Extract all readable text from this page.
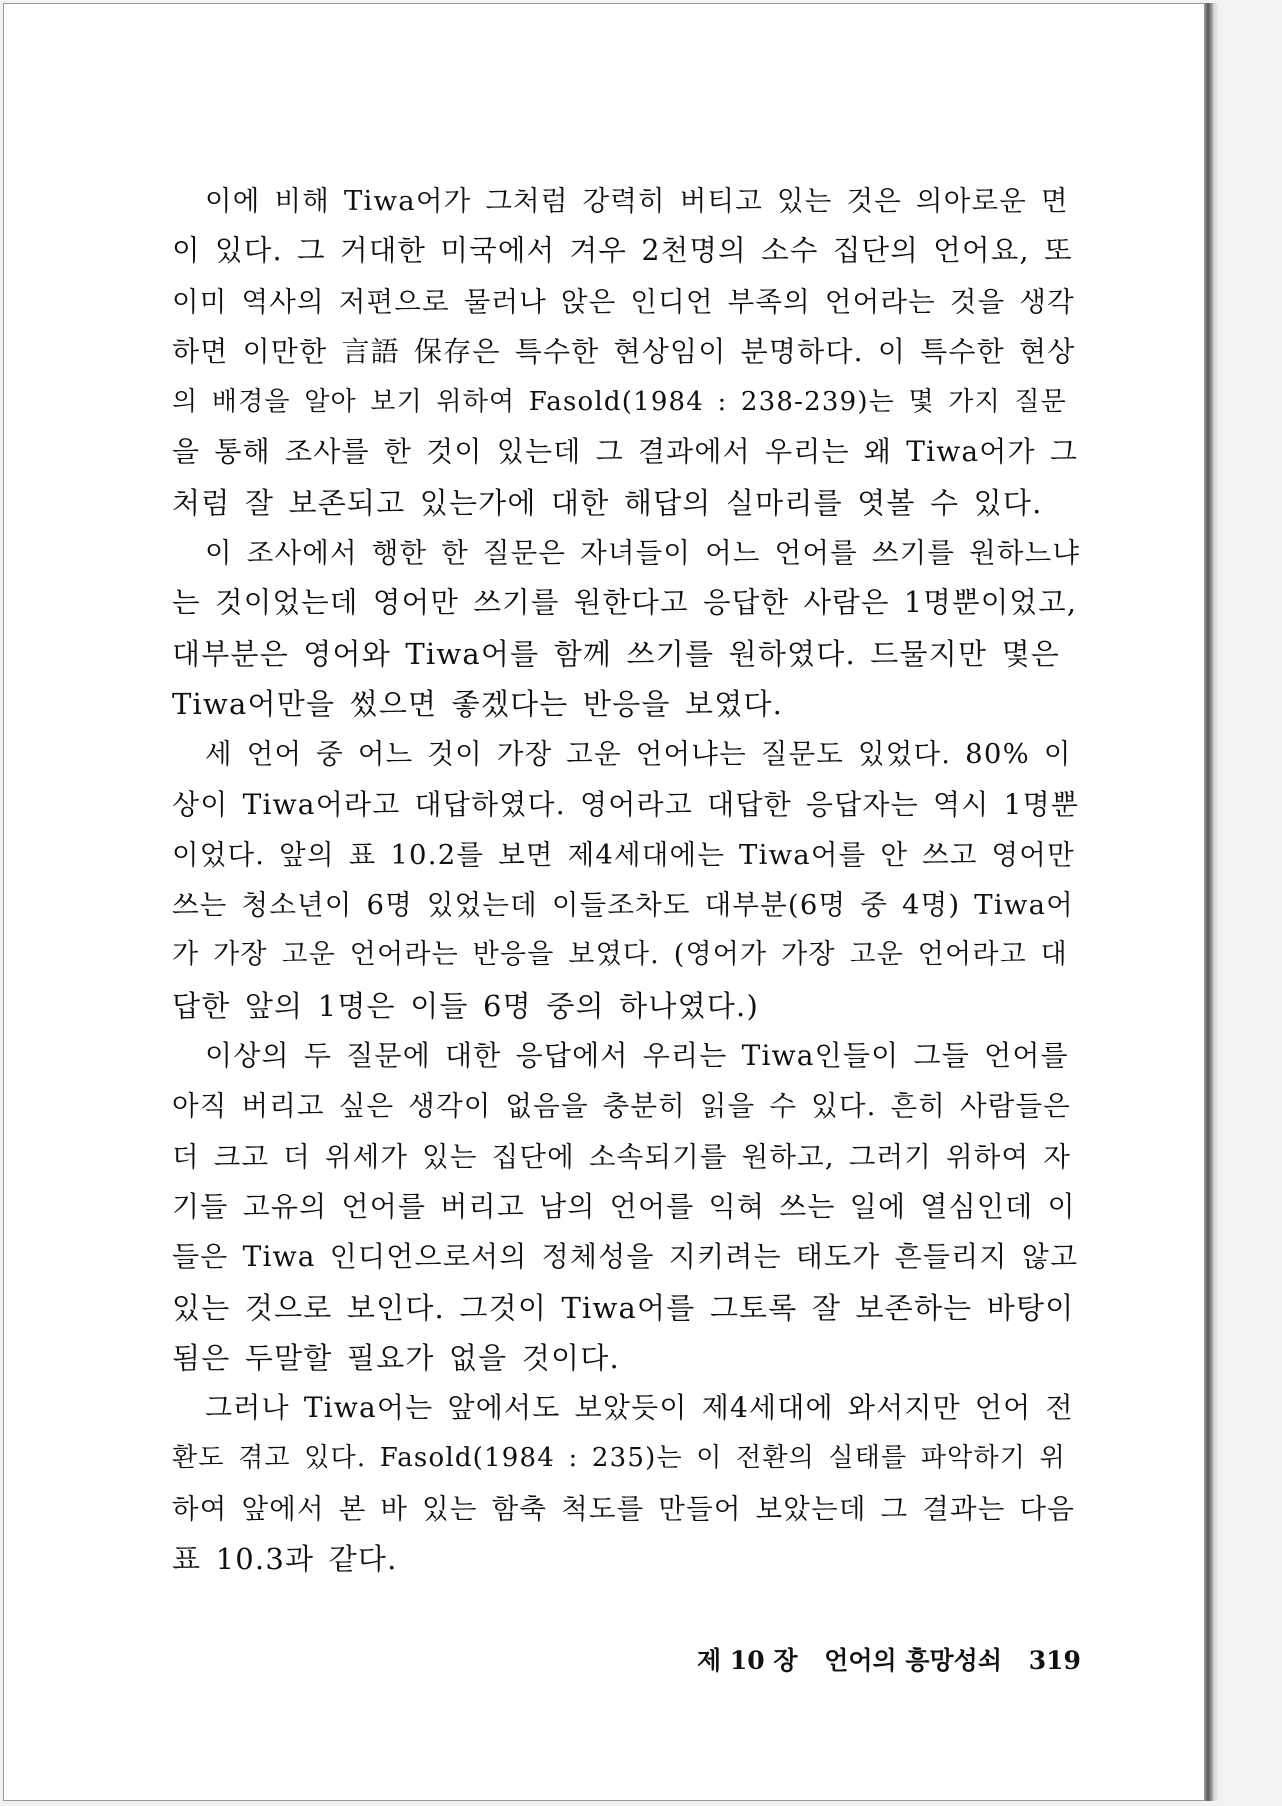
이에 비해 Tiwa어가 그처럼 강력히 버티고 있는 것은 의아로운 면
이 있다. 그 거대한 미국에서 겨우 2천명의 소수 집단의 언어요, 또
이미 역사의 저편으로 물러나 앉은 인디언 부족의 언어라는 것을 생각
하면 이만한 言語 保存은 특수한 현상임이 분명하다. 이 특수한 현상
의 배경을 알아 보기 위하여 Fasold(1984 : 238-239)는 몇 가지 질문
을 통해 조사를 한 것이 있는데 그 결과에서 우리는 왜 Tiwa어가 그
처럼 잘 보존되고 있는가에 대한 해답의 실마리를 엿볼 수 있다.

이 조사에서 행한 한 질문은 자녀들이 어느 언어를 쓰기를 원하느냐
는 것이었는데 영어만 쓰기를 원한다고 응답한 사람은 1명뿐이었고,
대부분은 영어와 Tiwa어를 함께 쓰기를 원하였다. 드물지만 몇은
Tiwa어만을 썼으면 좋겠다는 반응을 보였다.

세 언어 중 어느 것이 가장 고운 언어냐는 질문도 있었다. 80% 이
상이 Tiwa어라고 대답하였다. 영어라고 대답한 응답자는 역시 1명뿐
이었다. 앞의 표 10.2를 보면 제4세대에는 Tiwa어를 안 쓰고 영어만
쓰는 청소년이 6명 있었는데 이들조차도 대부분(6명 중 4명) Tiwa어
가 가장 고운 언어라는 반응을 보였다. (영어가 가장 고운 언어라고 대
답한 앞의 1명은 이들 6명 중의 하나였다.)

이상의 두 질문에 대한 응답에서 우리는 Tiwa인들이 그들 언어를
아직 버리고 싶은 생각이 없음을 충분히 읽을 수 있다. 흔히 사람들은
더 크고 더 위세가 있는 집단에 소속되기를 원하고, 그러기 위하여 자
기들 고유의 언어를 버리고 남의 언어를 익혀 쓰는 일에 열심인데 이
들은 Tiwa 인디언으로서의 정체성을 지키려는 태도가 흔들리지 않고
있는 것으로 보인다. 그것이 Tiwa어를 그토록 잘 보존하는 바탕이
됨은 두말할 필요가 없을 것이다.

그러나 Tiwa어는 앞에서도 보았듯이 제4세대에 와서지만 언어 전
환도 겪고 있다. Fasold(1984 : 235)는 이 전환의 실태를 파악하기 위
하여 앞에서 본 바 있는 함축 척도를 만들어 보았는데 그 결과는 다음
표 10.3과 같다.

제 10 장 언어의 흥망성쇠 319
